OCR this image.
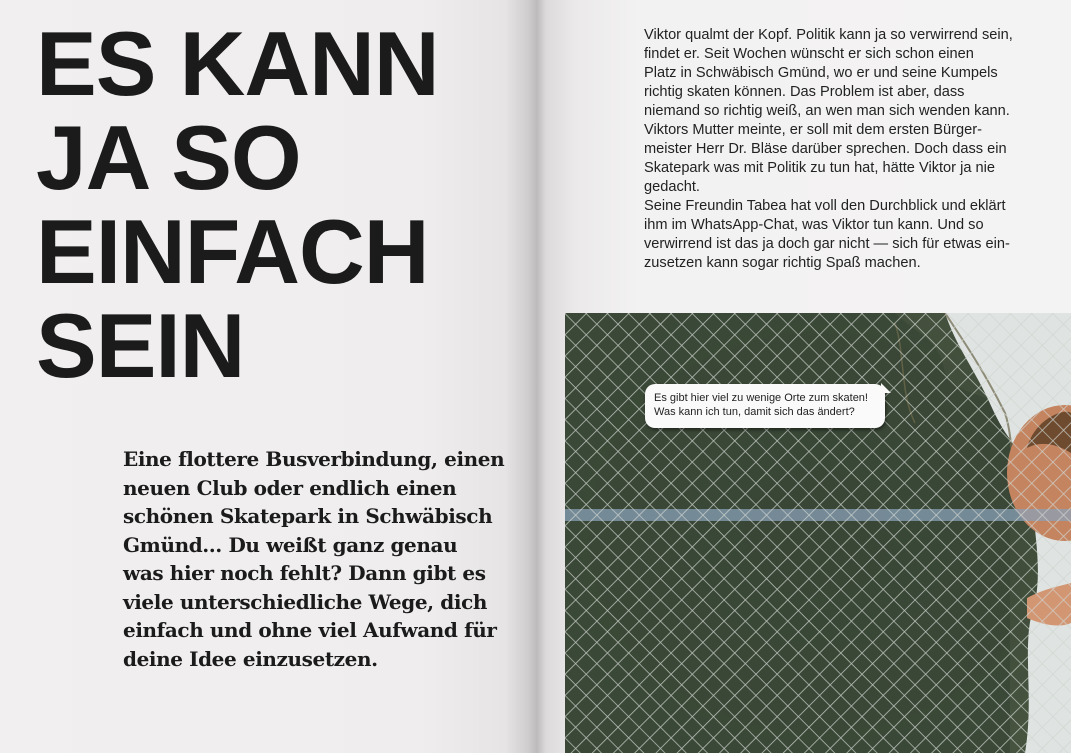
ES KANN
JA SO
EINFACH
SEIN

Eine flottere Busverbindung, einen
neuen Club oder endlich einen
schönen Skatepark in Schwäbisch
Gmünd… Du weißt ganz genau
was hier noch fehlt? Dann gibt es
viele unterschiedliche Wege, dich
einfach und ohne viel Aufwand für
deine Idee einzusetzen.

Viktor qualmt der Kopf. Politik kann ja so verwirrend sein,
findet er. Seit Wochen wünscht er sich schon einen
Platz in Schwäbisch Gmünd, wo er und seine Kumpels
richtig skaten können. Das Problem ist aber, dass
niemand so richtig weiß, an wen man sich wenden kann.
Viktors Mutter meinte, er soll mit dem ersten Bürger-
meister Herr Dr. Bläse darüber sprechen. Doch dass ein
Skatepark was mit Politik zu tun hat, hätte Viktor ja nie
gedacht.
Seine Freundin Tabea hat voll den Durchblick und eklärt
ihm im WhatsApp-Chat, was Viktor tun kann. Und so
verwirrend ist das ja doch gar nicht — sich für etwas ein-
zusetzen kann sogar richtig Spaß machen.

Es gibt hier viel zu wenige Orte zum skaten!
Was kann ich tun, damit sich das ändert?
